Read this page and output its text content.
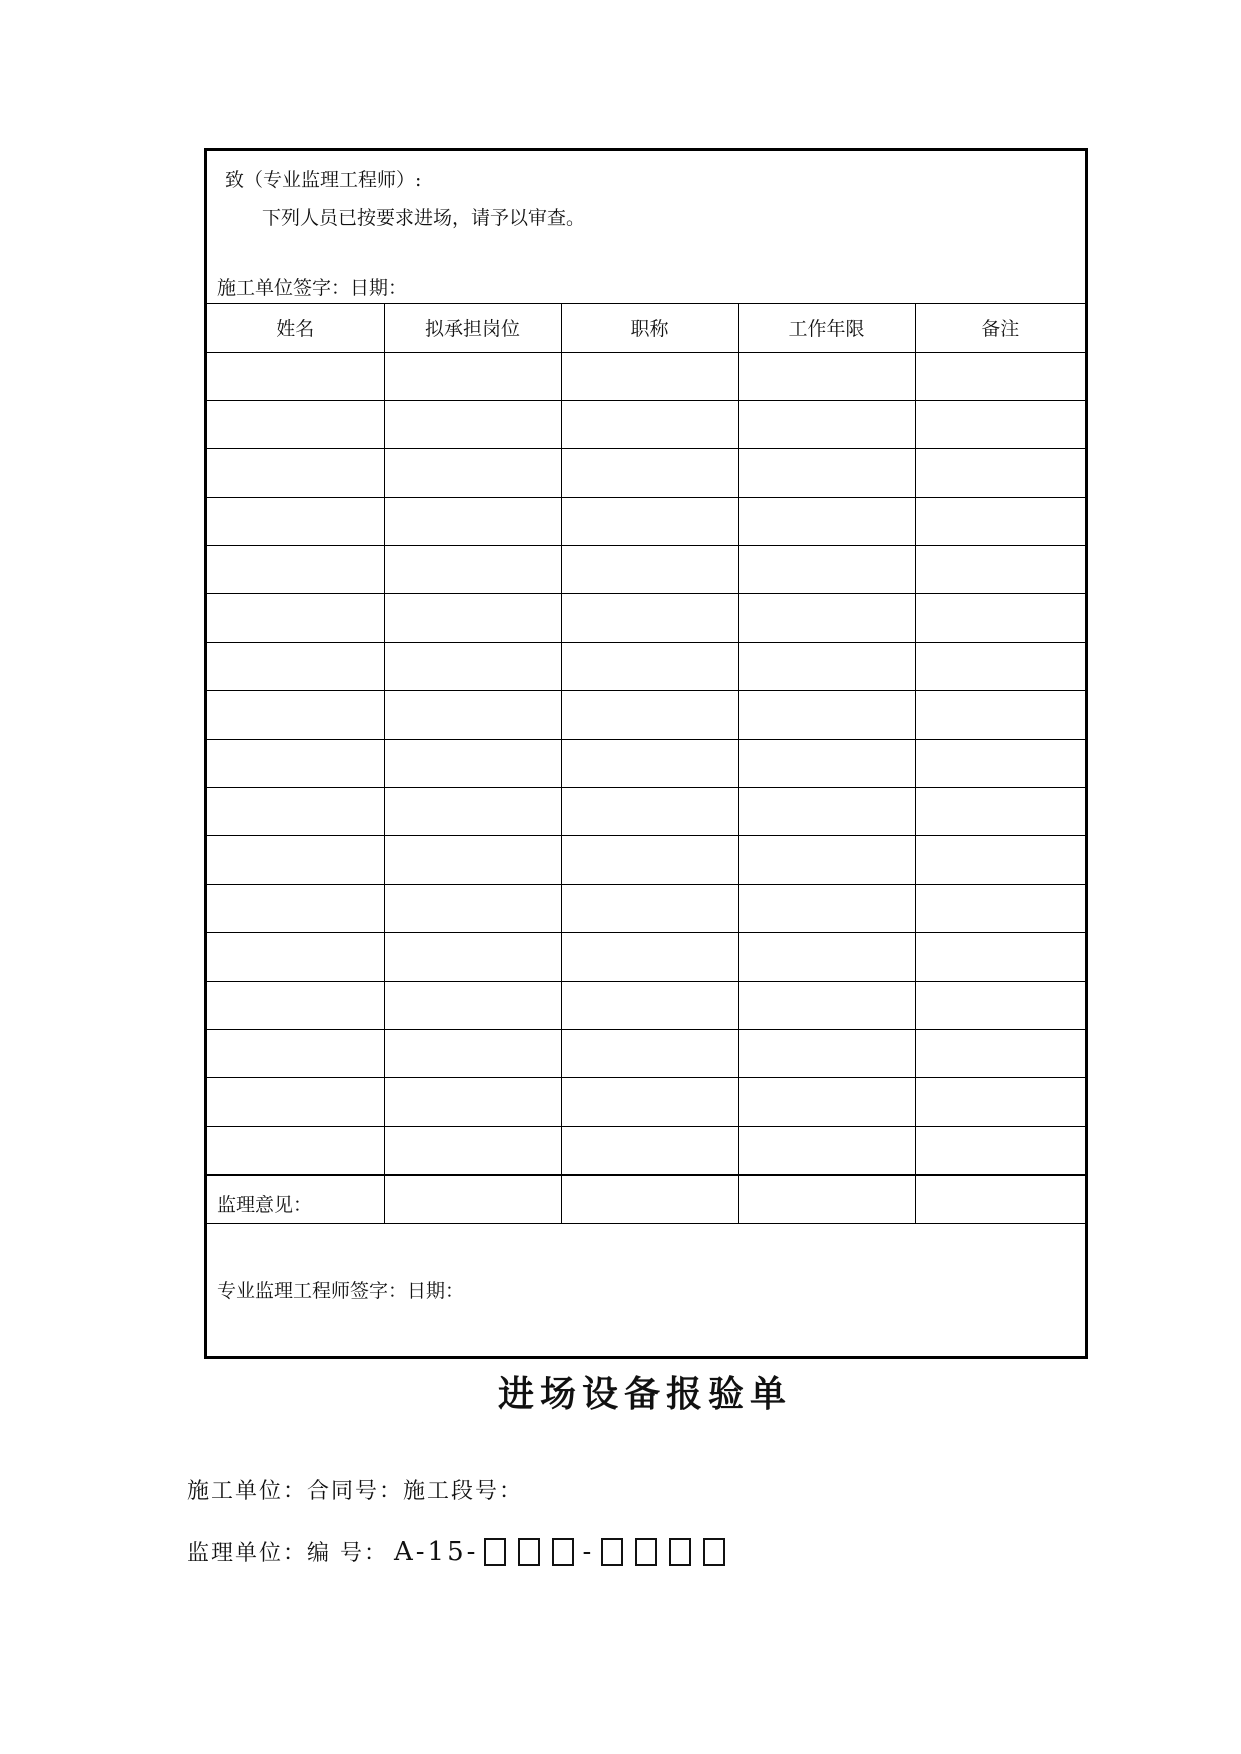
致（专业监理工程师）:
下列人员已按要求进场，请予以审查。
施工单位签字：日期：
姓名	拟承担岗位	职称	工作年限	备注

监理意见：
专业监理工程师签字：日期：
进场设备报验单
施工单位：合同号：施工段号：
监理单位：编 号： A-15-	-
